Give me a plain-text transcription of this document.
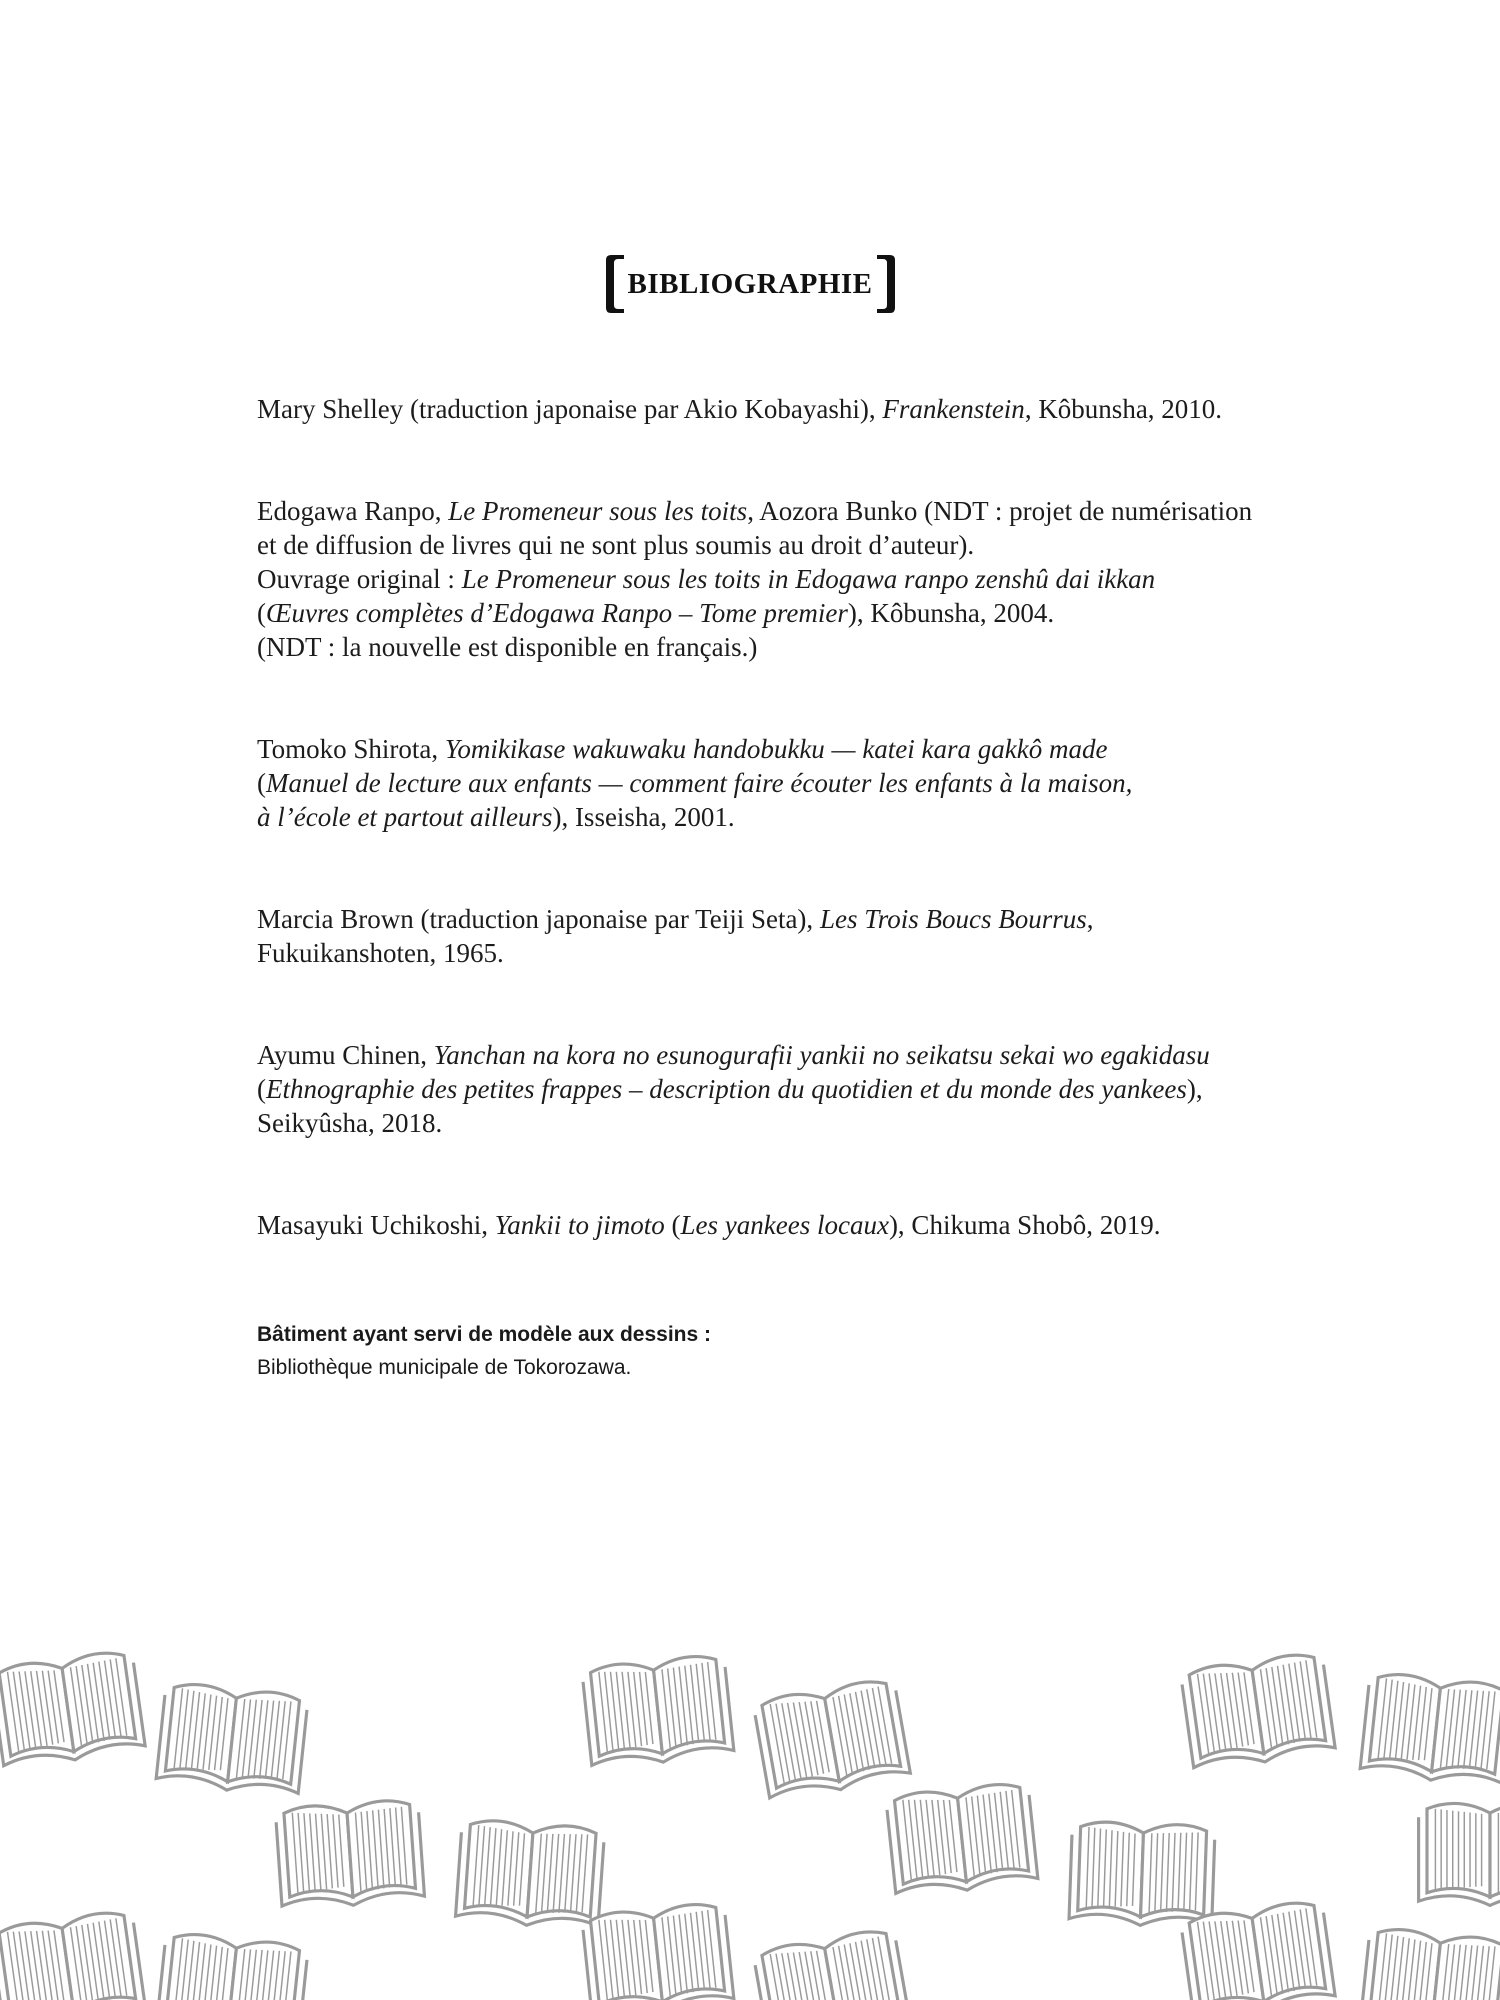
BIBLIOGRAPHIE
Mary Shelley (traduction japonaise par Akio Kobayashi), Frankenstein, Kôbunsha, 2010.
Edogawa Ranpo, Le Promeneur sous les toits, Aozora Bunko (NDT : projet de numérisation
et de diffusion de livres qui ne sont plus soumis au droit d’auteur).
Ouvrage original : Le Promeneur sous les toits in Edogawa ranpo zenshû dai ikkan
(Œuvres complètes d’Edogawa Ranpo – Tome premier), Kôbunsha, 2004.
(NDT : la nouvelle est disponible en français.)
Tomoko Shirota, Yomikikase wakuwaku handobukku — katei kara gakkô made
(Manuel de lecture aux enfants — comment faire écouter les enfants à la maison,
à l’école et partout ailleurs), Isseisha, 2001.
Marcia Brown (traduction japonaise par Teiji Seta), Les Trois Boucs Bourrus,
Fukuikanshoten, 1965.
Ayumu Chinen, Yanchan na kora no esunogurafii yankii no seikatsu sekai wo egakidasu
(Ethnographie des petites frappes – description du quotidien et du monde des yankees),
Seikyûsha, 2018.
Masayuki Uchikoshi, Yankii to jimoto (Les yankees locaux), Chikuma Shobô, 2019.
Bâtiment ayant servi de modèle aux dessins :
Bibliothèque municipale de Tokorozawa.
